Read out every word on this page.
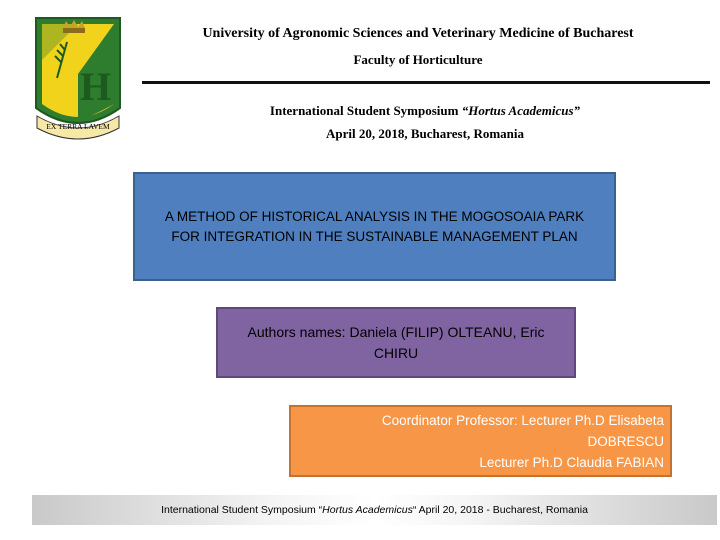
H
EX TERRA LAVEM
University of Agronomic Sciences and Veterinary Medicine of Bucharest
Faculty of Horticulture
International Student Symposium “Hortus Academicus”
April 20, 2018, Bucharest, Romania
A METHOD OF HISTORICAL ANALYSIS IN THE MOGOSOAIA PARK
FOR INTEGRATION IN THE SUSTAINABLE MANAGEMENT PLAN
Authors names: Daniela (FILIP) OLTEANU, Eric
CHIRU
Coordinator Professor: Lecturer Ph.D Elisabeta
DOBRESCU
Lecturer Ph.D Claudia FABIAN
International Student Symposium “ Hortus Academicus “ April 20, 2018 - Bucharest, Romania
